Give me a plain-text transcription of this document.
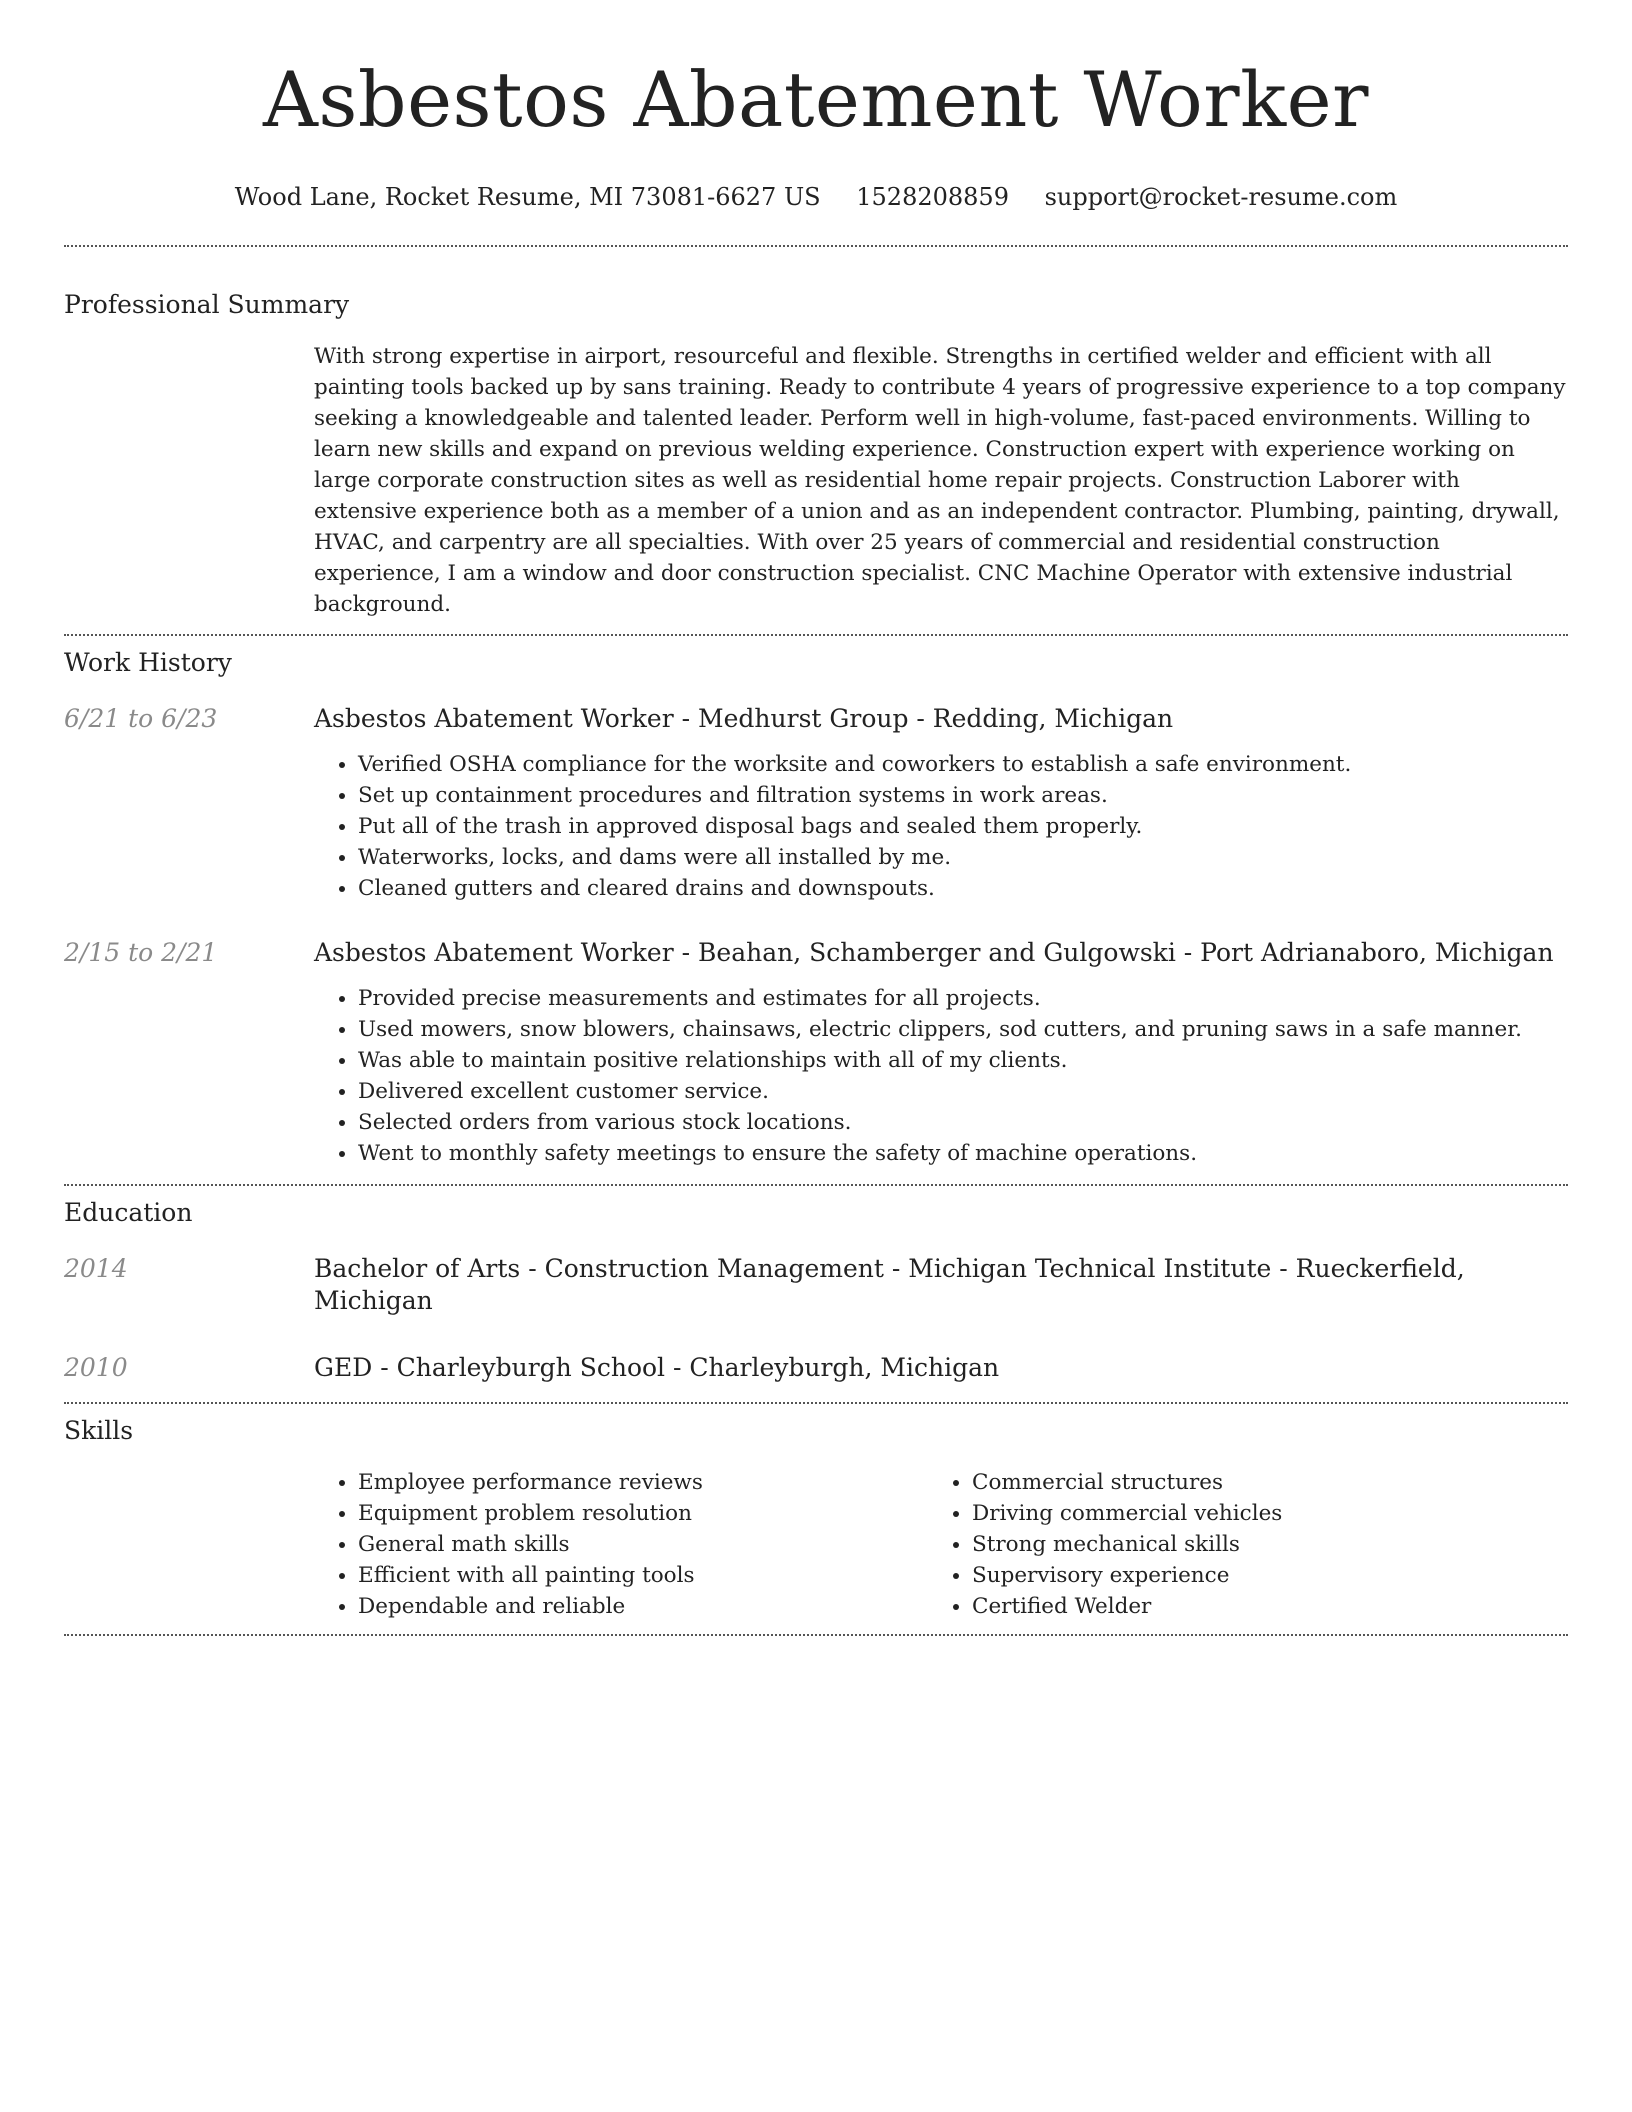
Asbestos Abatement Worker
Wood Lane, Rocket Resume, MI 73081-6627 US 1528208859 support@rocket-resume.com
Professional Summary
With strong expertise in airport, resourceful and flexible. Strengths in certified welder and efficient with all painting tools backed up by sans training. Ready to contribute 4 years of progressive experience to a top company seeking a knowledgeable and talented leader. Perform well in high-volume, fast-paced environments. Willing to learn new skills and expand on previous welding experience. Construction expert with experience working on large corporate construction sites as well as residential home repair projects. Construction Laborer with extensive experience both as a member of a union and as an independent contractor. Plumbing, painting, drywall, HVAC, and carpentry are all specialties. With over 25 years of commercial and residential construction experience, I am a window and door construction specialist. CNC Machine Operator with extensive industrial background.
Work History
6/21 to 6/23	Asbestos Abatement Worker - Medhurst Group - Redding, Michigan
• Verified OSHA compliance for the worksite and coworkers to establish a safe environment.
• Set up containment procedures and filtration systems in work areas.
• Put all of the trash in approved disposal bags and sealed them properly.
• Waterworks, locks, and dams were all installed by me.
• Cleaned gutters and cleared drains and downspouts.
2/15 to 2/21	Asbestos Abatement Worker - Beahan, Schamberger and Gulgowski - Port Adrianaboro, Michigan
• Provided precise measurements and estimates for all projects.
• Used mowers, snow blowers, chainsaws, electric clippers, sod cutters, and pruning saws in a safe manner.
• Was able to maintain positive relationships with all of my clients.
• Delivered excellent customer service.
• Selected orders from various stock locations.
• Went to monthly safety meetings to ensure the safety of machine operations.
Education
2014	Bachelor of Arts - Construction Management - Michigan Technical Institute - Rueckerfield, Michigan
2010	GED - Charleyburgh School - Charleyburgh, Michigan
Skills
• Employee performance reviews
• Equipment problem resolution
• General math skills
• Efficient with all painting tools
• Dependable and reliable
• Commercial structures
• Driving commercial vehicles
• Strong mechanical skills
• Supervisory experience
• Certified Welder
